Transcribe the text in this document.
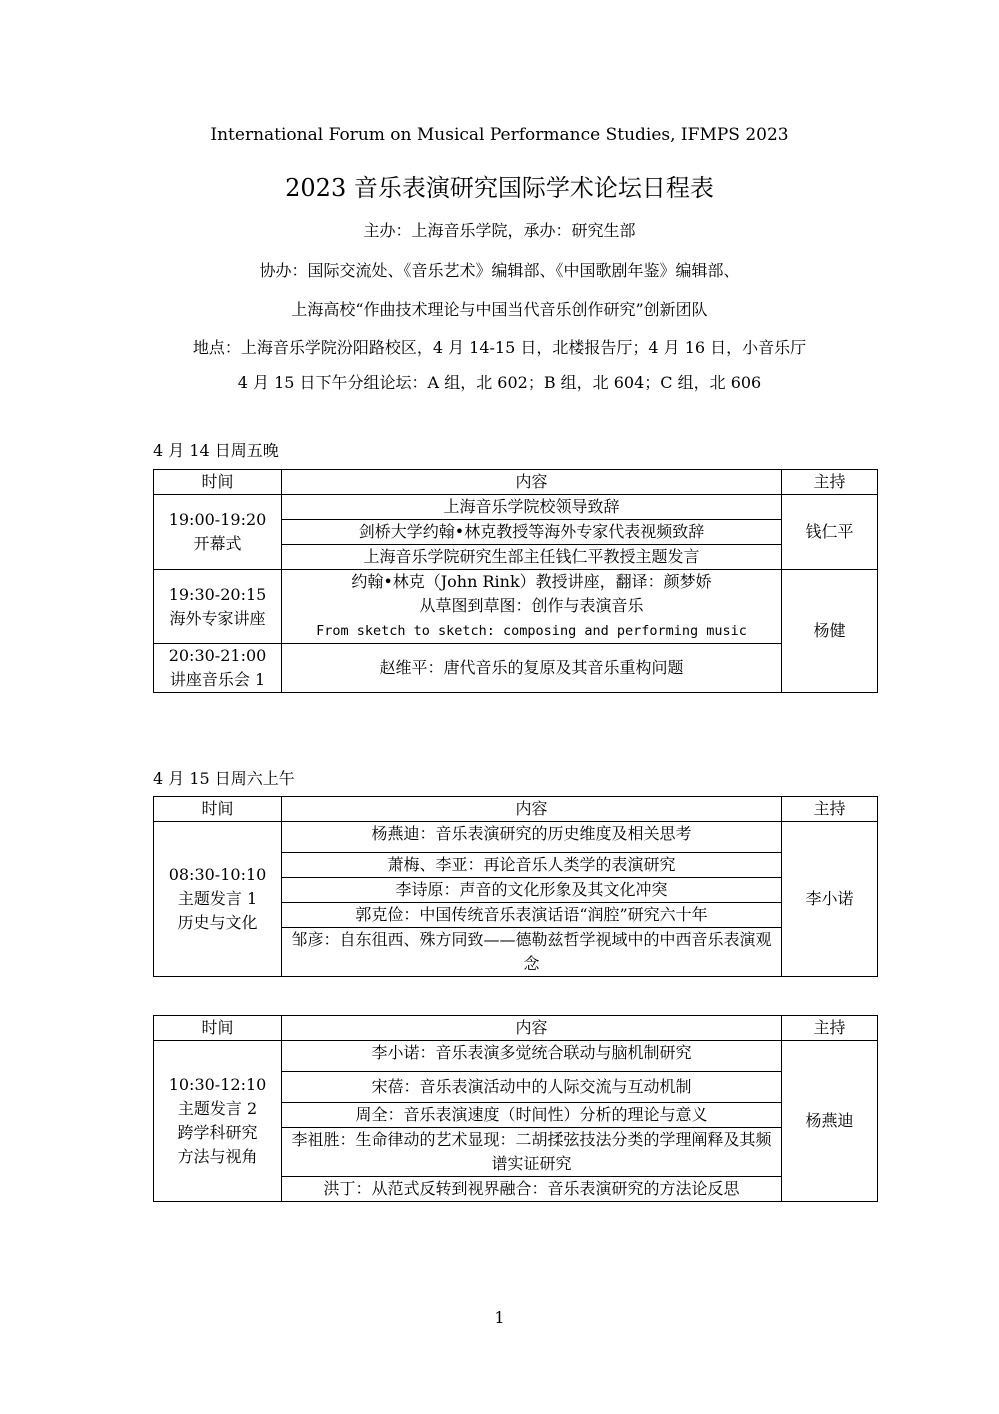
International Forum on Musical Performance Studies, IFMPS 2023
2023 音乐表演研究国际学术论坛日程表
主办：上海音乐学院，承办：研究生部
协办：国际交流处、《音乐艺术》编辑部、《中国歌剧年鉴》编辑部、
上海高校“作曲技术理论与中国当代音乐创作研究”创新团队
地点：上海音乐学院汾阳路校区，4 月 14-15 日，北楼报告厅；4 月 16 日，小音乐厅
4 月 15 日下午分组论坛：A 组，北 602；B 组，北 604；C 组，北 606
4 月 14 日周五晚
时间	内容	主持
19:00-19:20
开幕式	上海音乐学院校领导致辞	钱仁平
	剑桥大学约翰•林克教授等海外专家代表视频致辞	
	上海音乐学院研究生部主任钱仁平教授主题发言	
19:30-20:15
海外专家讲座	约翰•林克（John Rink）教授讲座，翻译：颜梦娇
从草图到草图：创作与表演音乐
From sketch to sketch: composing and performing music	杨健
20:30-21:00
讲座音乐会 1	赵维平：唐代音乐的复原及其音乐重构问题	
4 月 15 日周六上午
时间	内容	主持
08:30-10:10
主题发言 1
历史与文化	杨燕迪：音乐表演研究的历史维度及相关思考	李小诺
	萧梅、李亚：再论音乐人类学的表演研究	
	李诗原：声音的文化形象及其文化冲突	
	郭克俭：中国传统音乐表演话语“润腔”研究六十年	
	邹彦：自东徂西、殊方同致——德勒兹哲学视域中的中西音乐表演观念	
时间	内容	主持
10:30-12:10
主题发言 2
跨学科研究
方法与视角	李小诺：音乐表演多觉统合联动与脑机制研究	杨燕迪
	宋蓓：音乐表演活动中的人际交流与互动机制	
	周全：音乐表演速度（时间性）分析的理论与意义	
	李祖胜：生命律动的艺术显现：二胡揉弦技法分类的学理阐释及其频谱实证研究	
	洪丁：从范式反转到视界融合：音乐表演研究的方法论反思	
1
